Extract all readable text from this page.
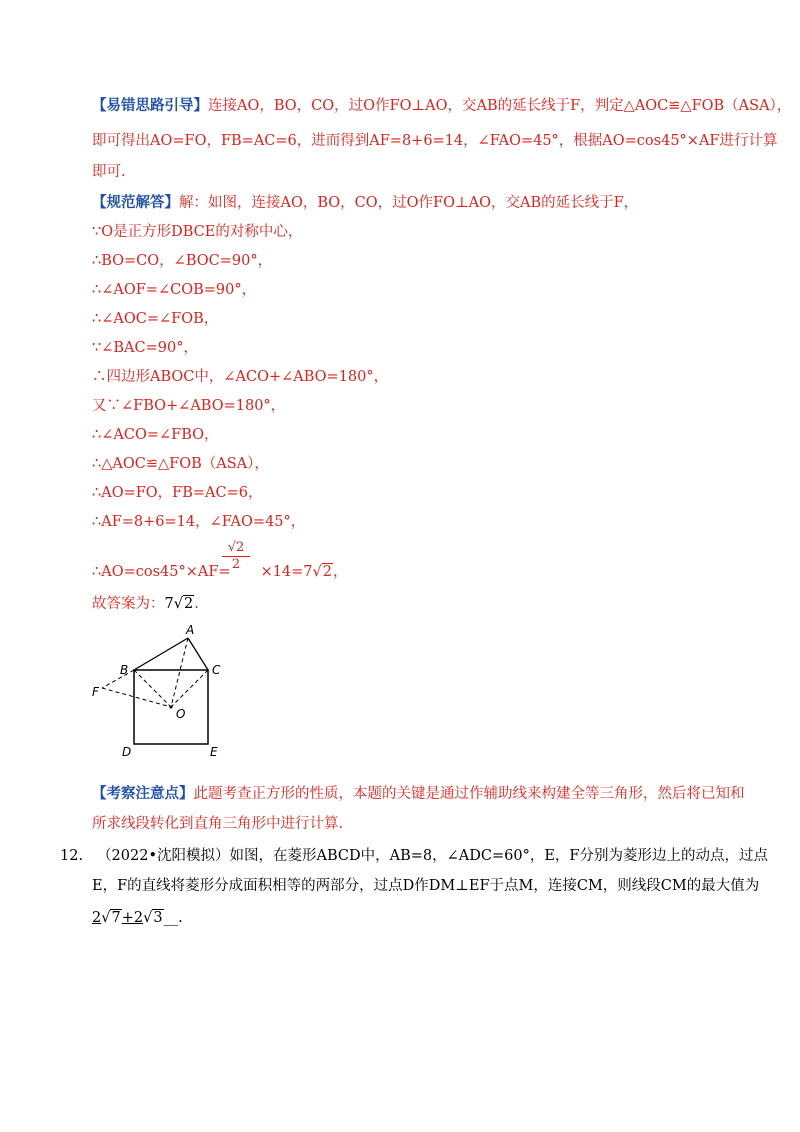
【易错思路引导】连接AO，BO，CO，过O作FO⊥AO，交AB的延长线于F，判定△AOC≌△FOB（ASA），
即可得出AO=FO，FB=AC=6，进而得到AF=8+6=14，∠FAO=45°，根据AO=cos45°×AF进行计算
即可.
【规范解答】解：如图，连接AO，BO，CO，过O作FO⊥AO，交AB的延长线于F，
∵O是正方形DBCE的对称中心，
∴BO=CO，∠BOC=90°，
∴∠AOF=∠COB=90°，
∴∠AOC=∠FOB，
∵∠BAC=90°，
∴四边形ABOC中，∠ACO+∠ABO=180°，
又∵∠FBO+∠ABO=180°，
∴∠ACO=∠FBO，
∴△AOC≌△FOB（ASA），
∴AO=FO，FB=AC=6，
∴AF=8+6=14，∠FAO=45°，
$\frac{√2}{2}$
∴AO=cos45°×AF= ×14=7√2，
故答案为：7√2.
A
B	C
D	E
F
O
【考察注意点】此题考查正方形的性质，本题的关键是通过作辅助线来构建全等三角形，然后将已知和
所求线段转化到直角三角形中进行计算.
12. （2022•沈阳模拟）如图，在菱形ABCD中，AB=8，∠ADC=60°，E，F分别为菱形边上的动点，过点
E，F的直线将菱形分成面积相等的两部分，过点D作DM⊥EF于点M，连接CM，则线段CM的最大值为
2√7+2√3__.
